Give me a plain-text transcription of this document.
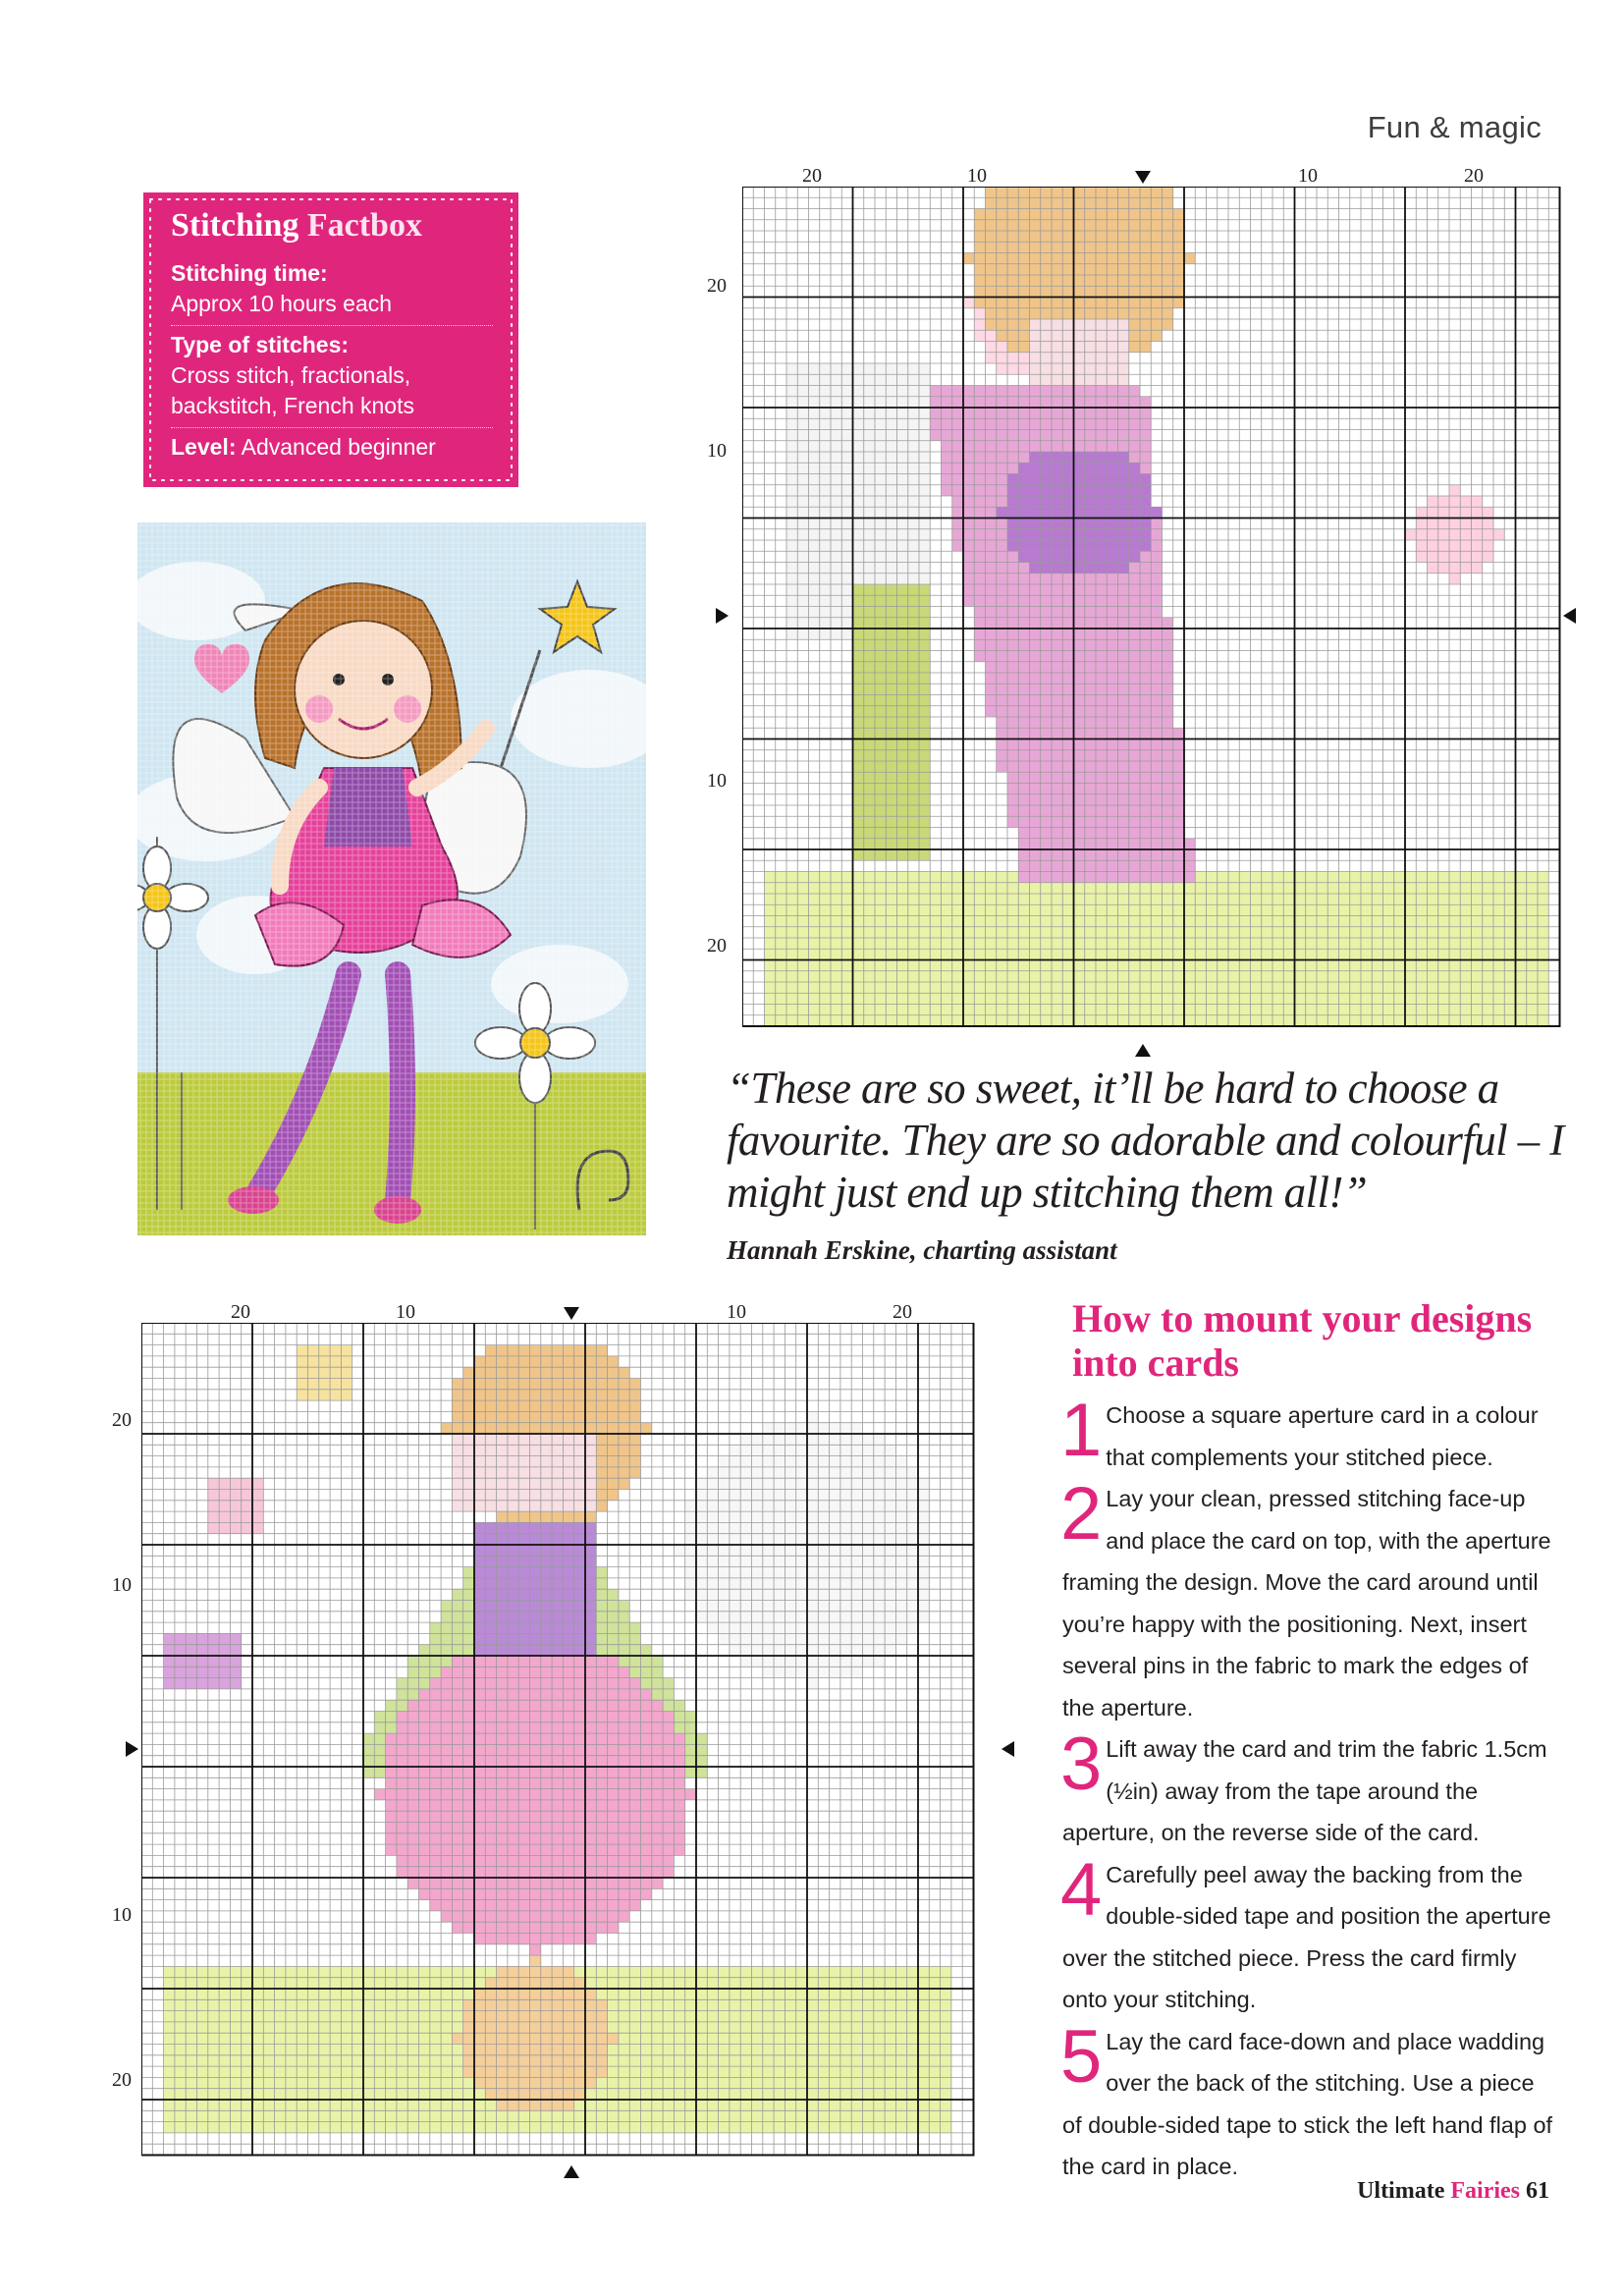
Fun & magic
Stitching Factbox
Stitching time:
Approx 10 hours each
Type of stitches:
Cross stitch, fractionals, backstitch, French knots
Level: Advanced beginner
20	10	10	20
20
10
10
20
“These are so sweet, it’ll be hard to choose a favourite. They are so adorable and colourful – I might just end up stitching them all!”
Hannah Erskine, charting assistant
20	10	10	20
20
10
10
20
How to mount your designs into cards
1 Choose a square aperture card in a colour that complements your stitched piece.
2 Lay your clean, pressed stitching face-up and place the card on top, with the aperture framing the design. Move the card around until you’re happy with the positioning. Next, insert several pins in the fabric to mark the edges of the aperture.
3 Lift away the card and trim the fabric 1.5cm (½in) away from the tape around the aperture, on the reverse side of the card.
4 Carefully peel away the backing from the double-sided tape and position the aperture over the stitched piece. Press the card firmly onto your stitching.
5 Lay the card face-down and place wadding over the back of the stitching. Use a piece of double-sided tape to stick the left hand flap of the card in place.
Ultimate Fairies 61
